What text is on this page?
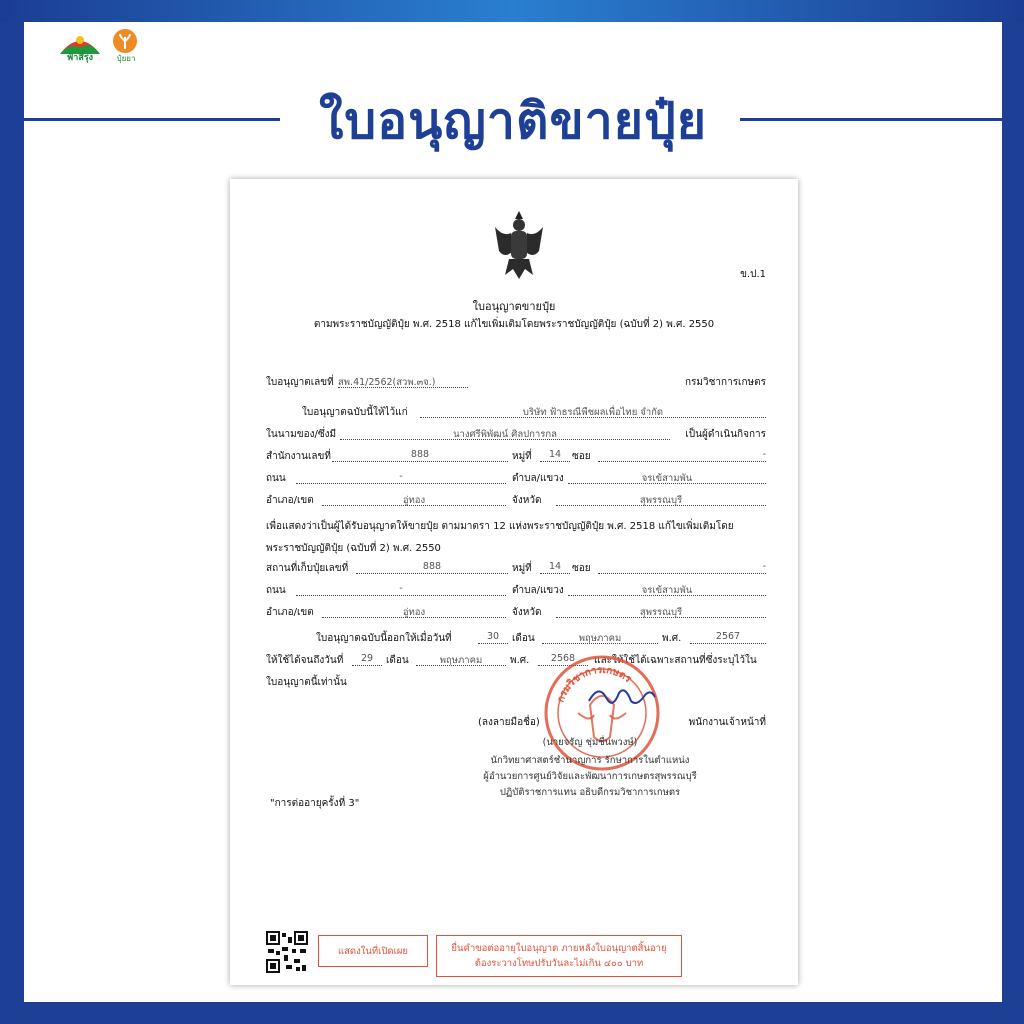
ฟ้าสีรุ่ง	ปุ๋ยยา
ใบอนุญาติขายปุ๋ย
ข.ป.1
ใบอนุญาตขายปุ๋ย
ตามพระราชบัญญัติปุ๋ย พ.ศ. 2518 แก้ไขเพิ่มเติมโดยพระราชบัญญัติปุ๋ย (ฉบับที่ 2) พ.ศ. 2550
ใบอนุญาตเลขที่ สพ.41/2562(สวพ.๓จ.)	กรมวิชาการเกษตร
ใบอนุญาตฉบับนี้ให้ไว้แก่	บริษัท ฟ้าธรณีพืชผลเพื่อไทย จำกัด
ในนามของ/ซึ่งมี	นางศรีพิพัฒน์ ศิลปการกล	เป็นผู้ดำเนินกิจการ
สำนักงานเลขที่	888	หมู่ที่	14	ซอย	-
ถนน	-	ตำบล/แขวง	จรเข้สามพัน
อำเภอ/เขต	อู่ทอง	จังหวัด	สุพรรณบุรี
เพื่อแสดงว่าเป็นผู้ได้รับอนุญาตให้ขายปุ๋ย ตามมาตรา 12 แห่งพระราชบัญญัติปุ๋ย พ.ศ. 2518 แก้ไขเพิ่มเติมโดย
พระราชบัญญัติปุ๋ย (ฉบับที่ 2) พ.ศ. 2550
สถานที่เก็บปุ๋ยเลขที่	888	หมู่ที่	14	ซอย	-
ถนน	-	ตำบล/แขวง	จรเข้สามพัน
อำเภอ/เขต	อู่ทอง	จังหวัด	สุพรรณบุรี
ใบอนุญาตฉบับนี้ออกให้เมื่อวันที่	30	เดือน	พฤษภาคม	พ.ศ.	2567
ให้ใช้ได้จนถึงวันที่	29	เดือน	พฤษภาคม	พ.ศ.	2568	และให้ใช้ได้เฉพาะสถานที่ซึ่งระบุไว้ใน
ใบอนุญาตนี้เท่านั้น
กรมวิชาการเกษตร
(ลงลายมือชื่อ)	พนักงานเจ้าหน้าที่
(นายจรัญ ชุ่มชื่นพวงษ์)
นักวิทยาศาสตร์ชำนาญการ รักษาการในตำแหน่ง
ผู้อำนวยการศูนย์วิจัยและพัฒนาการเกษตรสุพรรณบุรี
ปฏิบัติราชการแทน อธิบดีกรมวิชาการเกษตร
"การต่ออายุครั้งที่ 3"
แสดงในที่เปิดเผย	ยื่นคำขอต่ออายุใบอนุญาต ภายหลังใบอนุญาตสิ้นอายุ
ต้องระวางโทษปรับวันละไม่เกิน ๔๐๐ บาท
